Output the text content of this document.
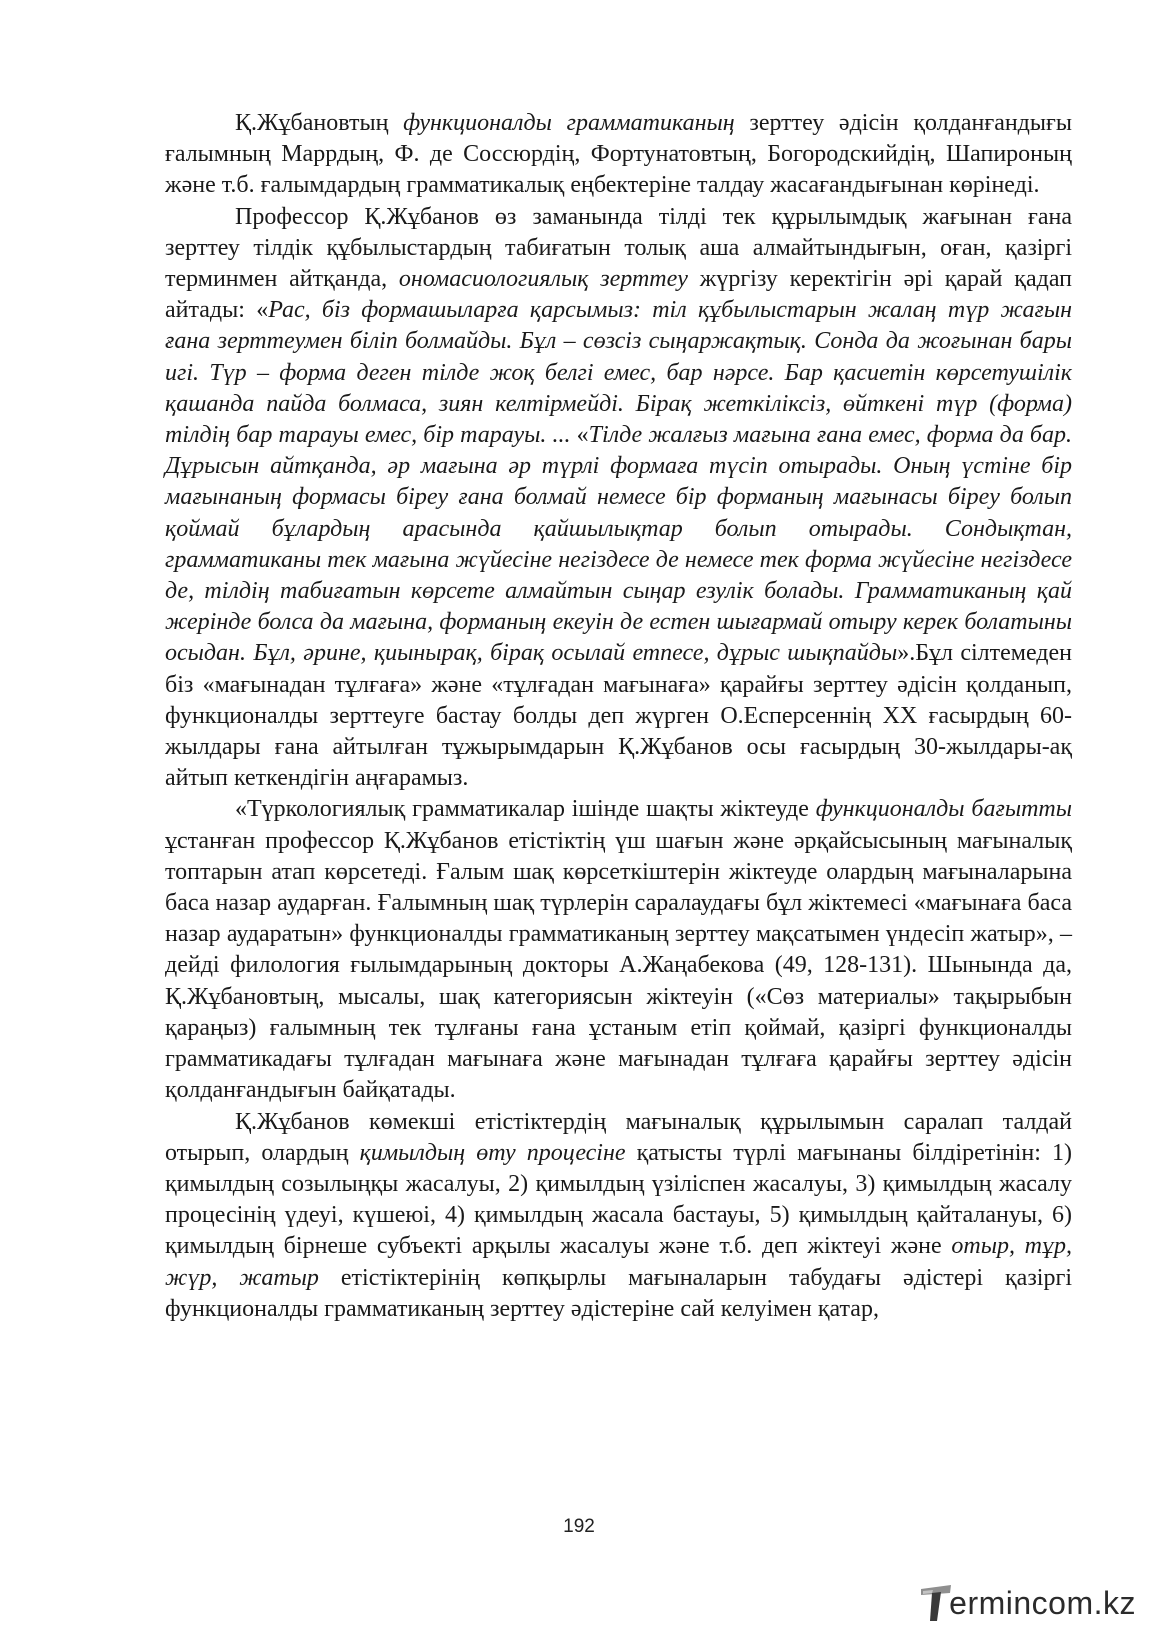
Қ.Жұбановтың функционалды грамматиканың зерттеу әдісін қолданғандығы ғалымның Маррдың, Ф. де Соссюрдің, Фортунатовтың, Богородскийдің, Шапироның және т.б. ғалымдардың грамматикалық еңбектеріне талдау жасағандығынан көрінеді.

Профессор Қ.Жұбанов өз заманында тілді тек құрылымдық жағынан ғана зерттеу тілдік құбылыстардың табиғатын толық аша алмайтындығын, оған, қазіргі терминмен айтқанда, ономасиологиялық зерттеу жүргізу керектігін әрі қарай қадап айтады: «Рас, біз формашыларға қарсымыз: тіл құбылыстарын жалаң түр жағын ғана зерттеумен біліп болмайды. Бұл – сөзсіз сыңаржақтық. Сонда да жоғынан бары игі. Түр – форма деген тілде жоқ белгі емес, бар нәрсе. Бар қасиетін көрсетушілік қашанда пайда болмаса, зиян келтірмейді. Бірақ жеткіліксіз, өйткені түр (форма) тілдің бар тарауы емес, бір тарауы. ... «Тілде жалғыз мағына ғана емес, форма да бар. Дұрысын айтқанда, әр мағына әр түрлі формаға түсіп отырады. Оның үстіне бір мағынаның формасы біреу ғана болмай немесе бір форманың мағынасы біреу болып қоймай бұлардың арасында қайшылықтар болып отырады. Сондықтан, грамматиканы тек мағына жүйесіне негіздесе де немесе тек форма жүйесіне негіздесе де, тілдің табиғатын көрсете алмайтын сыңар езулік болады. Грамматиканың қай жерінде болса да мағына, форманың екеуін де естен шығармай отыру керек болатыны осыдан. Бұл, әрине, қиынырақ, бірақ осылай етпесе, дұрыс шықпайды».Бұл сілтемеден біз «мағынадан тұлғаға» және «тұлғадан мағынаға» қарайғы зерттеу әдісін қолданып, функционалды зерттеуге бастау болды деп жүрген О.Есперсеннің ХХ ғасырдың 60-жылдары ғана айтылған тұжырымдарын Қ.Жұбанов осы ғасырдың 30-жылдары-ақ айтып кеткендігін аңғарамыз.

«Түркологиялық грамматикалар ішінде шақты жіктеуде функционалды бағытты ұстанған профессор Қ.Жұбанов етістіктің үш шағын және әрқайсысының мағыналық топтарын атап көрсетеді. Ғалым шақ көрсеткіштерін жіктеуде олардың мағыналарына баса назар аударған. Ғалымның шақ түрлерін саралаудағы бұл жіктемесі «мағынаға баса назар аударатын» функционалды грамматиканың зерттеу мақсатымен үндесіп жатыр», – дейді филология ғылымдарының докторы А.Жаңабекова (49, 128-131). Шынында да, Қ.Жұбановтың, мысалы, шақ категориясын жіктеуін («Сөз материалы» тақырыбын қараңыз) ғалымның тек тұлғаны ғана ұстаным етіп қоймай, қазіргі функционалды грамматикадағы тұлғадан мағынаға және мағынадан тұлғаға қарайғы зерттеу әдісін қолданғандығын байқатады.

Қ.Жұбанов көмекші етістіктердің мағыналық құрылымын саралап талдай отырып, олардың қимылдың өту процесіне қатысты түрлі мағынаны білдіретінін: 1) қимылдың созылыңқы жасалуы, 2) қимылдың үзіліспен жасалуы, 3) қимылдың жасалу процесінің үдеуі, күшеюі, 4) қимылдың жасала бастауы, 5) қимылдың қайталануы, 6) қимылдың бірнеше субъекті арқылы жасалуы және т.б. деп жіктеуі және отыр, тұр, жүр, жатыр етістіктерінің көпқырлы мағыналарын табудағы әдістері қазіргі функционалды грамматиканың зерттеу әдістеріне сай келуімен қатар,

192
ermincom.kz
